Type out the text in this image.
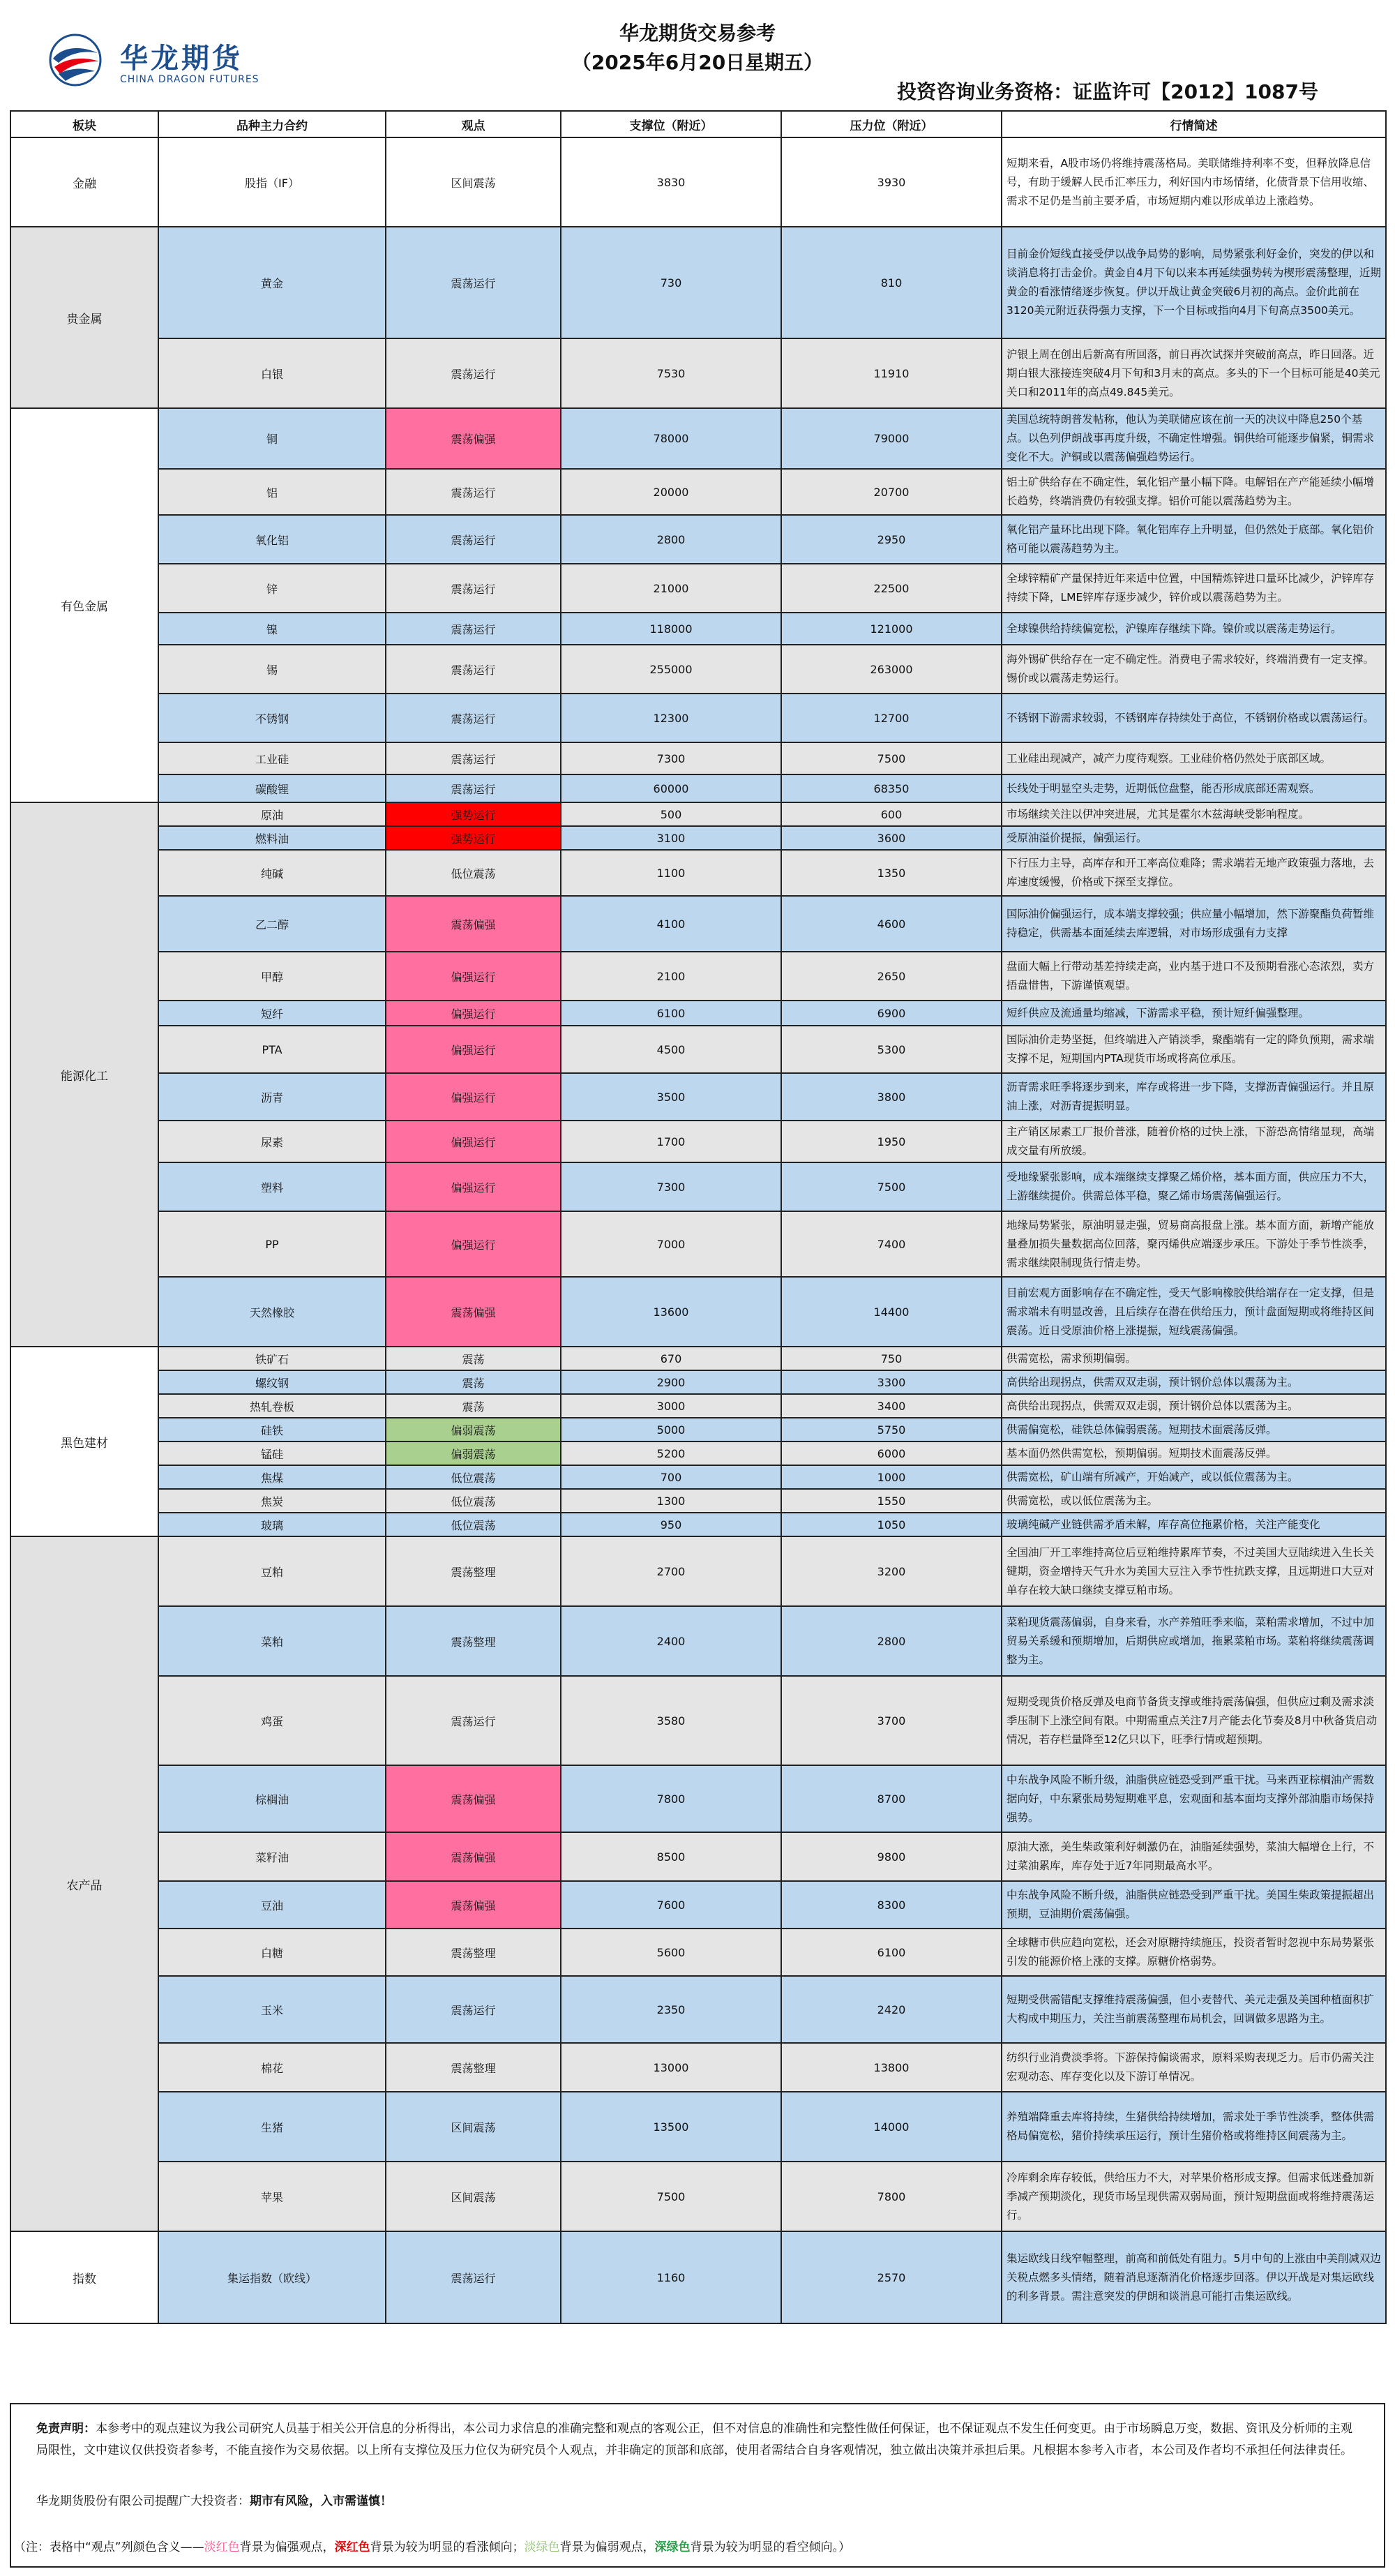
华龙期货
CHINA DRAGON FUTURES
华龙期货交易参考
（2025年6月20日星期五）
投资咨询业务资格：证监许可【2012】1087号
板块	品种主力合约	观点	支撑位（附近）	压力位（附近）	行情简述
金融	股指（IF）	区间震荡	3830	3930	短期来看，A股市场仍将维持震荡格局。美联储维持利率不变，但释放降息信号，有助于缓解人民币汇率压力，利好国内市场情绪，化债背景下信用收缩、需求不足仍是当前主要矛盾，市场短期内难以形成单边上涨趋势。
贵金属	黄金	震荡运行	730	810	目前金价短线直接受伊以战争局势的影响，局势紧张利好金价，突发的伊以和谈消息将打击金价。黄金自4月下旬以来本再延续强势转为楔形震荡整理，近期黄金的看涨情绪逐步恢复。伊以开战让黄金突破6月初的高点。金价此前在3120美元附近获得强力支撑，下一个目标或指向4月下旬高点3500美元。
	白银	震荡运行	7530	11910	沪银上周在创出后新高有所回落，前日再次试探并突破前高点，昨日回落。近期白银大涨接连突破4月下旬和3月末的高点。多头的下一个目标可能是40美元关口和2011年的高点49.845美元。
有色金属	铜	震荡偏强	78000	79000	美国总统特朗普发帖称，他认为美联储应该在前一天的决议中降息250个基点。以色列伊朗战事再度升级，不确定性增强。铜供给可能逐步偏紧，铜需求变化不大。沪铜或以震荡偏强趋势运行。
	铝	震荡运行	20000	20700	铝土矿供给存在不确定性，氧化铝产量小幅下降。电解铝在产产能延续小幅增长趋势，终端消费仍有较强支撑。铝价可能以震荡趋势为主。
	氧化铝	震荡运行	2800	2950	氧化铝产量环比出现下降。氧化铝库存上升明显，但仍然处于底部。氧化铝价格可能以震荡趋势为主。
	锌	震荡运行	21000	22500	全球锌精矿产量保持近年来适中位置，中国精炼锌进口量环比减少，沪锌库存持续下降，LME锌库存逐步减少，锌价或以震荡趋势为主。
	镍	震荡运行	118000	121000	全球镍供给持续偏宽松，沪镍库存继续下降。镍价或以震荡走势运行。
	锡	震荡运行	255000	263000	海外锡矿供给存在一定不确定性。消费电子需求较好，终端消费有一定支撑。锡价或以震荡走势运行。
	不锈钢	震荡运行	12300	12700	不锈钢下游需求较弱，不锈钢库存持续处于高位，不锈钢价格或以震荡运行。
	工业硅	震荡运行	7300	7500	工业硅出现减产，减产力度待观察。工业硅价格仍然处于底部区域。
	碳酸锂	震荡运行	60000	68350	长线处于明显空头走势，近期低位盘整，能否形成底部还需观察。
能源化工	原油	强势运行	500	600	市场继续关注以伊冲突进展，尤其是霍尔木兹海峡受影响程度。
	燃料油	强势运行	3100	3600	受原油溢价提振，偏强运行。
	纯碱	低位震荡	1100	1350	下行压力主导，高库存和开工率高位难降；需求端若无地产政策强力落地，去库速度缓慢，价格或下探至支撑位。
	乙二醇	震荡偏强	4100	4600	国际油价偏强运行，成本端支撑较强；供应量小幅增加，然下游聚酯负荷暂维持稳定，供需基本面延续去库逻辑，对市场形成强有力支撑
	甲醇	偏强运行	2100	2650	盘面大幅上行带动基差持续走高，业内基于进口不及预期看涨心态浓烈，卖方捂盘惜售，下游谨慎观望。
	短纤	偏强运行	6100	6900	短纤供应及流通量均缩减，下游需求平稳，预计短纤偏强整理。
	PTA	偏强运行	4500	5300	国际油价走势坚挺，但终端进入产销淡季，聚酯端有一定的降负预期，需求端支撑不足，短期国内PTA现货市场或将高位承压。
	沥青	偏强运行	3500	3800	沥青需求旺季将逐步到来，库存或将进一步下降，支撑沥青偏强运行。并且原油上涨，对沥青提振明显。
	尿素	偏强运行	1700	1950	主产销区尿素工厂报价普涨，随着价格的过快上涨，下游恐高情绪显现，高端成交量有所放缓。
	塑料	偏强运行	7300	7500	受地缘紧张影响，成本端继续支撑聚乙烯价格，基本面方面，供应压力不大，上游继续提价。供需总体平稳，聚乙烯市场震荡偏强运行。
	PP	偏强运行	7000	7400	地缘局势紧张，原油明显走强，贸易商高报盘上涨。基本面方面，新增产能放量叠加损失量数据高位回落，聚丙烯供应端逐步承压。下游处于季节性淡季，需求继续限制现货行情走势。
	天然橡胶	震荡偏强	13600	14400	目前宏观方面影响存在不确定性，受天气影响橡胶供给端存在一定支撑，但是需求端未有明显改善，且后续存在潜在供给压力，预计盘面短期或将维持区间震荡。近日受原油价格上涨提振，短线震荡偏强。
黑色建材	铁矿石	震荡	670	750	供需宽松，需求预期偏弱。
	螺纹钢	震荡	2900	3300	高供给出现拐点，供需双双走弱，预计钢价总体以震荡为主。
	热轧卷板	震荡	3000	3400	高供给出现拐点，供需双双走弱，预计钢价总体以震荡为主。
	硅铁	偏弱震荡	5000	5750	供需偏宽松，硅铁总体偏弱震荡。短期技术面震荡反弹。
	锰硅	偏弱震荡	5200	6000	基本面仍然供需宽松，预期偏弱。短期技术面震荡反弹。
	焦煤	低位震荡	700	1000	供需宽松，矿山端有所减产，开始减产，或以低位震荡为主。
	焦炭	低位震荡	1300	1550	供需宽松，或以低位震荡为主。
	玻璃	低位震荡	950	1050	玻璃纯碱产业链供需矛盾未解，库存高位拖累价格，关注产能变化
农产品	豆粕	震荡整理	2700	3200	全国油厂开工率维持高位后豆粕维持累库节奏，不过美国大豆陆续进入生长关键期，资金增持天气升水为美国大豆注入季节性抗跌支撑，且远期进口大豆对单存在较大缺口继续支撑豆粕市场。
	菜粕	震荡整理	2400	2800	菜粕现货震荡偏弱，自身来看，水产养殖旺季来临，菜粕需求增加，不过中加贸易关系缓和预期增加，后期供应或增加，拖累菜粕市场。菜粕将继续震荡调整为主。
	鸡蛋	震荡运行	3580	3700	短期受现货价格反弹及电商节备货支撑或维持震荡偏强，但供应过剩及需求淡季压制下上涨空间有限。中期需重点关注7月产能去化节奏及8月中秋备货启动情况，若存栏量降至12亿只以下，旺季行情或超预期。
	棕榈油	震荡偏强	7800	8700	中东战争风险不断升级，油脂供应链恐受到严重干扰。马来西亚棕榈油产需数据向好，中东紧张局势短期难平息，宏观面和基本面均支撑外部油脂市场保持强势。
	菜籽油	震荡偏强	8500	9800	原油大涨，美生柴政策利好刺激仍在，油脂延续强势，菜油大幅增仓上行，不过菜油累库，库存处于近7年同期最高水平。
	豆油	震荡偏强	7600	8300	中东战争风险不断升级，油脂供应链恐受到严重干扰。美国生柴政策提振超出预期，豆油期价震荡偏强。
	白糖	震荡整理	5600	6100	全球糖市供应趋向宽松，还会对原糖持续施压，投资者暂时忽视中东局势紧张引发的能源价格上涨的支撑。原糖价格弱势。
	玉米	震荡运行	2350	2420	短期受供需错配支撑维持震荡偏强，但小麦替代、美元走强及美国种植面积扩大构成中期压力，关注当前震荡整理布局机会，回调做多思路为主。
	棉花	震荡整理	13000	13800	纺织行业消费淡季将。下游保持偏谈需求，原料采购表现乏力。后市仍需关注宏观动态、库存变化以及下游订单情况。
	生猪	区间震荡	13500	14000	养殖端降重去库将持续，生猪供给持续增加，需求处于季节性淡季，整体供需格局偏宽松，猪价持续承压运行，预计生猪价格或将维持区间震荡为主。
	苹果	区间震荡	7500	7800	冷库剩余库存较低，供给压力不大，对苹果价格形成支撑。但需求低迷叠加新季减产预期淡化，现货市场呈现供需双弱局面，预计短期盘面或将维持震荡运行。
指数	集运指数（欧线）	震荡运行	1160	2570	集运欧线日线窄幅整理，前高和前低处有阻力。5月中旬的上涨由中美削减双边关税点燃多头情绪，随着消息逐渐消化价格逐步回落。伊以开战是对集运欧线的利多背景。需注意突发的伊朗和谈消息可能打击集运欧线。
免责声明：本参考中的观点建议为我公司研究人员基于相关公开信息的分析得出，本公司力求信息的准确完整和观点的客观公正，但不对信息的准确性和完整性做任何保证，也不保证观点不发生任何变更。由于市场瞬息万变，数据、资讯及分析师的主观局限性，文中建议仅供投资者参考，不能直接作为交易依据。以上所有支撑位及压力位仅为研究员个人观点，并非确定的顶部和底部，使用者需结合自身客观情况，独立做出决策并承担后果。凡根据本参考入市者，本公司及作者均不承担任何法律责任。
华龙期货股份有限公司提醒广大投资者：期市有风险，入市需谨慎！
（注：表格中“观点”列颜色含义——淡红色背景为偏强观点，深红色背景为较为明显的看涨倾向；淡绿色背景为偏弱观点，深绿色背景为较为明显的看空倾向。）
